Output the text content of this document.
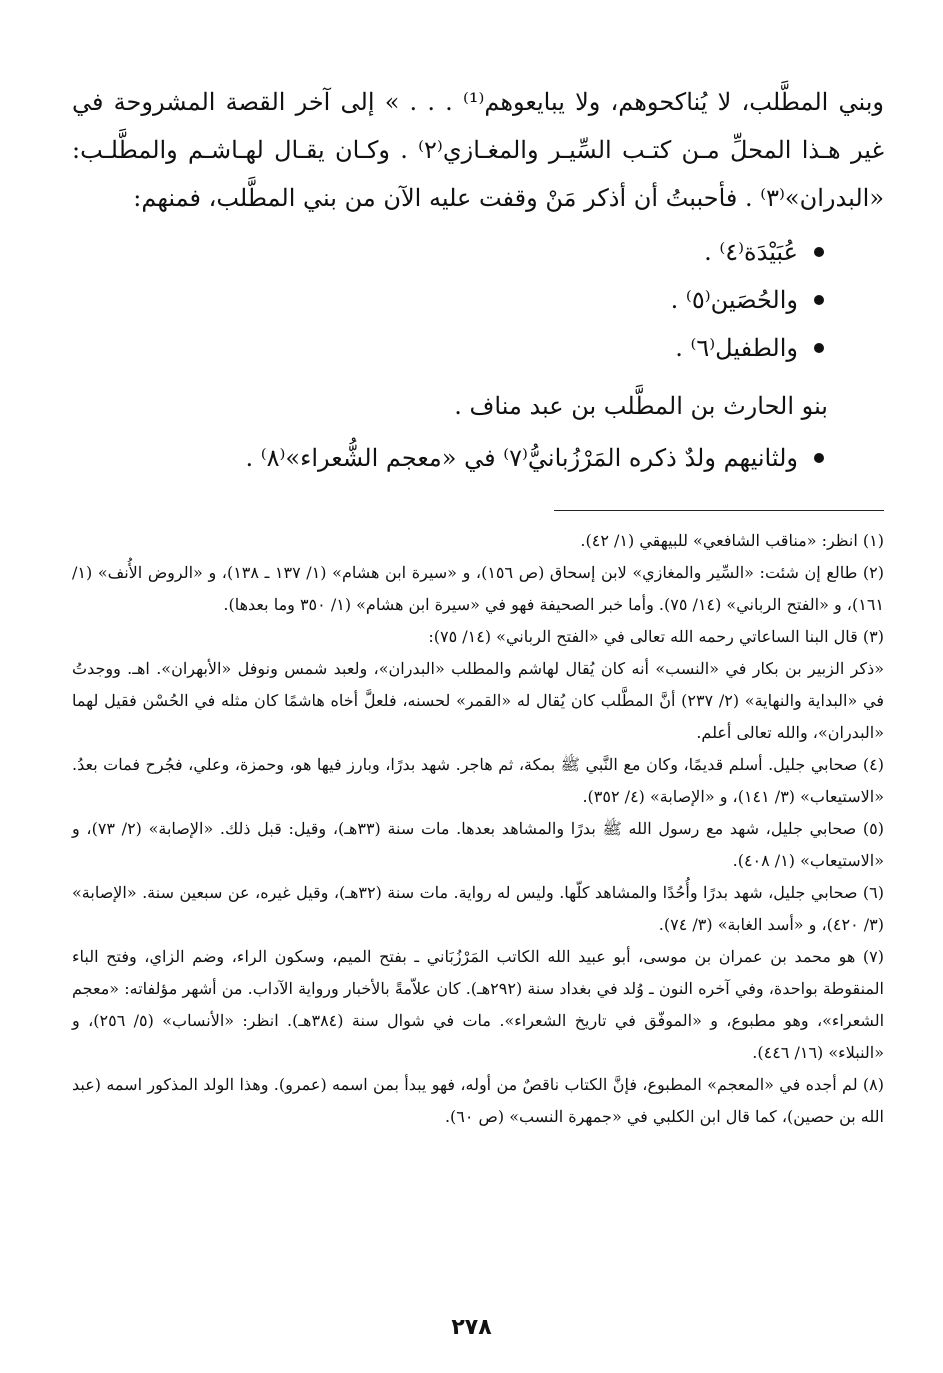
وبني المطَّلب، لا يُناكحوهم، ولا يبايعوهم⁽¹⁾ . . . » إلى آخر القصة المشروحة في غير هـذا المحلِّ مـن كتـب السِّيـر والمغـازي⁽٢⁾ . وكـان يقـال لهـاشـم والمطَّلـب: «البدران»⁽٣⁾ . فأحببتُ أن أذكر مَنْ وقفت عليه الآن من بني المطَّلب، فمنهم:

عُبَيْدَة⁽٤⁾ .
والحُصَين⁽٥⁾ .
والطفيل⁽٦⁾ .

بنو الحارث بن المطَّلب بن عبد مناف .

ولثانيهم ولدٌ ذكره المَرْزُبانيُّ⁽٧⁾ في «معجم الشُّعراء»⁽٨⁾ .

(١) انظر: «مناقب الشافعي» للبيهقي (١/ ٤٢).

(٢) طالع إن شئت: «السِّير والمغازي» لابن إسحاق (ص ١٥٦)، و «سيرة ابن هشام» (١/ ١٣٧ ـ ١٣٨)، و «الروض الأُنف» (١/ ١٦١)، و «الفتح الرباني» (١٤/ ٧٥). وأما خبر الصحيفة فهو في «سيرة ابن هشام» (١/ ٣٥٠ وما بعدها).

(٣) قال البنا الساعاتي رحمه الله تعالى في «الفتح الرباني» (١٤/ ٧٥):

«ذكر الزبير بن بكار في «النسب» أنه كان يُقال لهاشم والمطلب «البدران»، ولعبد شمس ونوفل «الأبهران». اهـ. ووجدتُ في «البداية والنهاية» (٢/ ٢٣٧) أنَّ المطَّلب كان يُقال له «القمر» لحسنه، فلعلَّ أخاه هاشمًا كان مثله في الحُسْن فقيل لهما «البدران»، والله تعالى أعلم.

(٤) صحابي جليل. أسلم قديمًا، وكان مع النَّبي ﷺ بمكة، ثم هاجر. شهد بدرًا، وبارز فيها هو، وحمزة، وعلي، فجُرح فمات بعدُ. «الاستيعاب» (٣/ ١٤١)، و «الإصابة» (٤/ ٣٥٢).

(٥) صحابي جليل، شهد مع رسول الله ﷺ بدرًا والمشاهد بعدها. مات سنة (٣٣هـ)، وقيل: قبل ذلك. «الإصابة» (٢/ ٧٣)، و «الاستيعاب» (١/ ٤٠٨).

(٦) صحابي جليل، شهد بدرًا وأُحُدًا والمشاهد كلّها. وليس له رواية. مات سنة (٣٢هـ)، وقيل غيره، عن سبعين سنة. «الإصابة» (٣/ ٤٢٠)، و «أسد الغابة» (٣/ ٧٤).

(٧) هو محمد بن عمران بن موسى، أبو عبيد الله الكاتب المَرْزُبَاني ـ بفتح الميم، وسكون الراء، وضم الزاي، وفتح الباء المنقوطة بواحدة، وفي آخره النون ـ وُلد في بغداد سنة (٢٩٢هـ). كان علاّمةً بالأخبار ورواية الآداب. من أشهر مؤلفاته: «معجم الشعراء»، وهو مطبوع، و «الموفّق في تاريخ الشعراء». مات في شوال سنة (٣٨٤هـ). انظر: «الأنساب» (٥/ ٢٥٦)، و «النبلاء» (١٦/ ٤٤٦).

(٨) لم أجده في «المعجم» المطبوع، فإنَّ الكتاب ناقصٌ من أوله، فهو يبدأ بمن اسمه (عمرو). وهذا الولد المذكور اسمه (عبد الله بن حصين)، كما قال ابن الكلبي في «جمهرة النسب» (ص ٦٠).

٢٧٨
